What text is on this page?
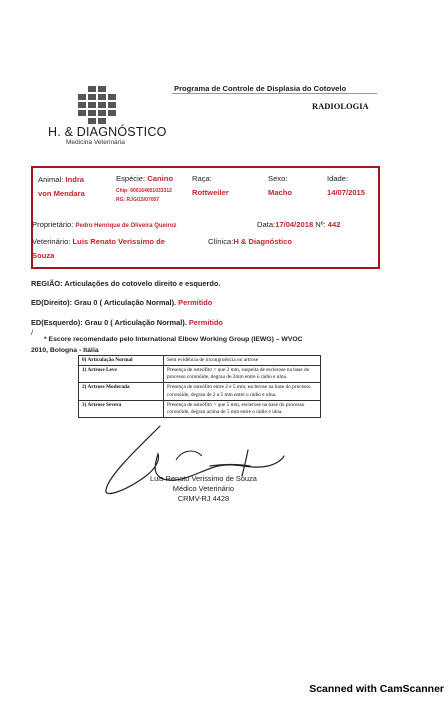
H. & DIAGNÓSTICO
Medicina Veterinária
Programa de Controle de Displasia do Cotovelo
RADIOLOGIA
Animal: Indra
von Mendara
Espécie: Canino
Chip- 900164001033312
RG: RJG/15/07057
Raça:
Rottweiler
Sexo:
Macho
Idade:
14/07/2015
Proprietário: Pedro Henrique de Oliveira Queiroz	Data:17/04/2018 Nº: 442
Veterinário: Luis Renato Verissimo de
Souza
Clínica:H & Diagnóstico
REGIÃO: Articulações do cotovelo direito e esquerdo.
ED(Direito): Grau 0 ( Articulação Normal). Permitido
ED(Esquerdo): Grau 0 ( Articulação Normal). Permitido
/
* Escore recomendado pelo International Elbow Working Group (IEWG) – WVOC
2010, Bologna - Itália
0) Articulação Normal	Sem evidência de incongruência ou artrose
1) Artrose Leve	Presença de osteófito < que 2 mm, suspeita de esclerose na base do processo coronóide, degrau de 2mm entre o rádio e ulna.
2) Artrose Moderada	Presença de osteófito entre 2 e 5 mm, esclerose na base do processo coronóide, degrau de 2 a 5 mm entre o rádio e ulna.
3) Artrose Severa	Presença de osteófito > que 5 mm, esclerose na base do processo coronóide, degrau acima de 5 mm entre o rádio e ulna.
Luis Renato Verissimo de Souza
Médico Veterinário
CRMV-RJ 4428
Scanned with CamScanner
